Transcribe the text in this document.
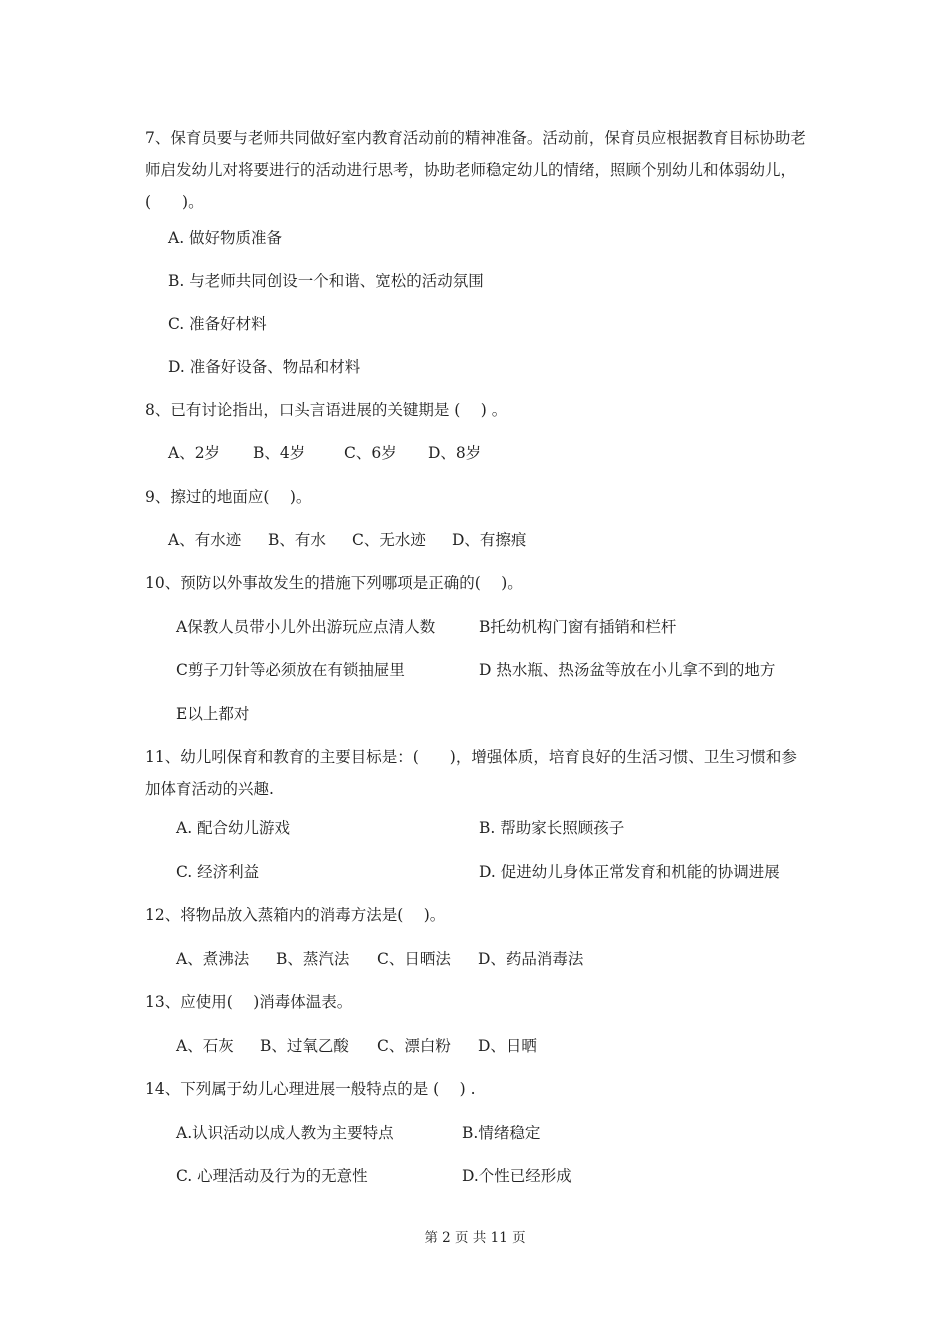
7、保育员要与老师共同做好室内教育活动前的精神准备。活动前，保育员应根据教育目标协助老师启发幼儿对将要进行的活动进行思考，协助老师稳定幼儿的情绪，照顾个别幼儿和体弱幼儿，(　　)。
A. 做好物质准备
B. 与老师共同创设一个和谐、宽松的活动氛围
C. 准备好材料
D. 准备好设备、物品和材料
8、已有讨论指出，口头言语进展的关键期是 (　 ) 。
A、2岁 B、4岁 C、6岁 D、8岁
9、擦过的地面应(　 )。
A、有水迹 B、有水 C、无水迹 D、有擦痕
10、预防以外事故发生的措施下列哪项是正确的(　 )。
A保教人员带小儿外出游玩应点清人数	B托幼机构门窗有插销和栏杆
C剪子刀针等必须放在有锁抽屉里	D 热水瓶、热汤盆等放在小儿拿不到的地方
E以上都对
11、幼儿吲保育和教育的主要目标是：(　　)，增强体质，培育良好的生活习惯、卫生习惯和参加体育活动的兴趣.
A. 配合幼儿游戏	B. 帮助家长照顾孩子
C. 经济利益	D. 促进幼儿身体正常发育和机能的协调进展
12、将物品放入蒸箱内的消毒方法是(　 )。
A、煮沸法 B、蒸汽法 C、日晒法 D、药品消毒法
13、应使用(　 )消毒体温表。
A、石灰 B、过氧乙酸 C、漂白粉 D、日晒
14、下列属于幼儿心理进展一般特点的是 (　 ) .
A.认识活动以成人教为主要特点	B.情绪稳定
C. 心理活动及行为的无意性	D.个性已经形成
第 2 页 共 11 页
